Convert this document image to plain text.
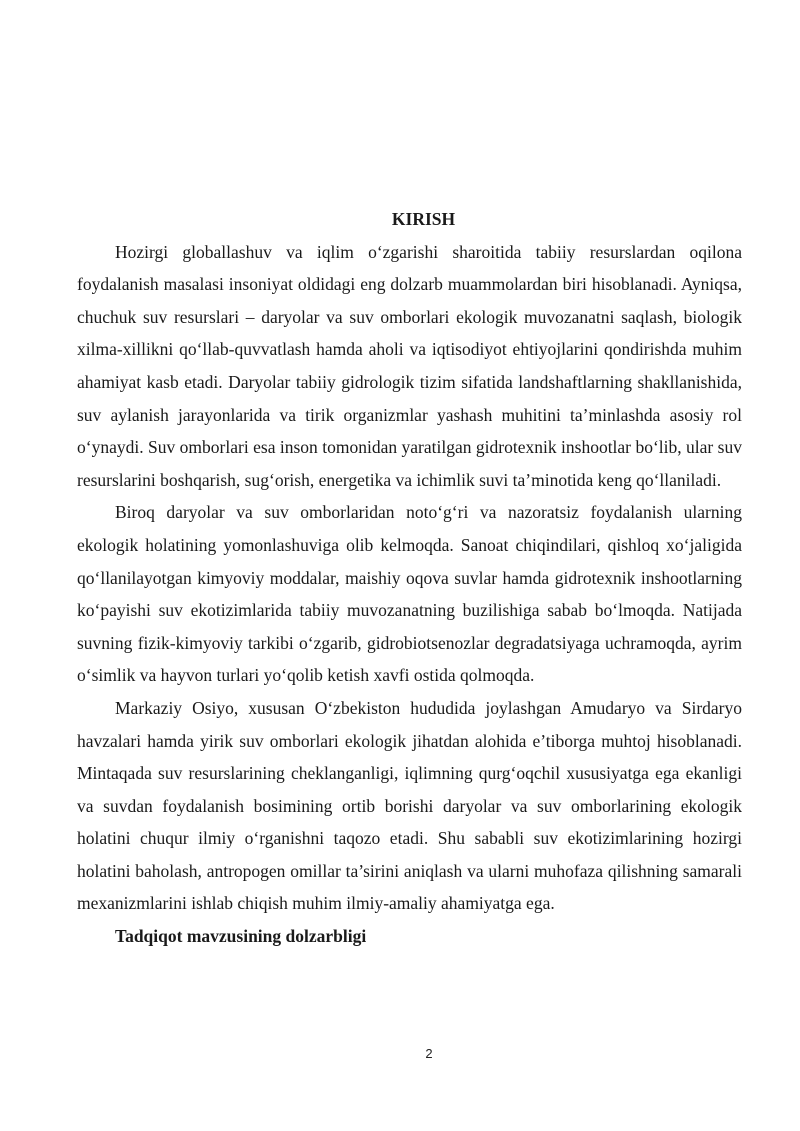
KIRISH

Hozirgi globallashuv va iqlim o‘zgarishi sharoitida tabiiy resurslardan oqilona foydalanish masalasi insoniyat oldidagi eng dolzarb muammolardan biri hisoblanadi. Ayniqsa, chuchuk suv resurslari – daryolar va suv omborlari ekologik muvozanatni saqlash, biologik xilma-xillikni qo‘llab-quvvatlash hamda aholi va iqtisodiyot ehtiyojlarini qondirishda muhim ahamiyat kasb etadi. Daryolar tabiiy gidrologik tizim sifatida landshaftlarning shakllanishida, suv aylanish jarayonlarida va tirik organizmlar yashash muhitini ta’minlashda asosiy rol o‘ynaydi. Suv omborlari esa inson tomonidan yaratilgan gidrotexnik inshootlar bo‘lib, ular suv resurslarini boshqarish, sug‘orish, energetika va ichimlik suvi ta’minotida keng qo‘llaniladi.

Biroq daryolar va suv omborlaridan noto‘g‘ri va nazoratsiz foydalanish ularning ekologik holatining yomonlashuviga olib kelmoqda. Sanoat chiqindilari, qishloq xo‘jaligida qo‘llanilayotgan kimyoviy moddalar, maishiy oqova suvlar hamda gidrotexnik inshootlarning ko‘payishi suv ekotizimlarida tabiiy muvozanatning buzilishiga sabab bo‘lmoqda. Natijada suvning fizik-kimyoviy tarkibi o‘zgarib, gidrobiotsenozlar degradatsiyaga uchramoqda, ayrim o‘simlik va hayvon turlari yo‘qolib ketish xavfi ostida qolmoqda.

Markaziy Osiyo, xususan O‘zbekiston hududida joylashgan Amudaryo va Sirdaryo havzalari hamda yirik suv omborlari ekologik jihatdan alohida e’tiborga muhtoj hisoblanadi. Mintaqada suv resurslarining cheklanganligi, iqlimning qurg‘oqchil xususiyatga ega ekanligi va suvdan foydalanish bosimining ortib borishi daryolar va suv omborlarining ekologik holatini chuqur ilmiy o‘rganishni taqozo etadi. Shu sababli suv ekotizimlarining hozirgi holatini baholash, antropogen omillar ta’sirini aniqlash va ularni muhofaza qilishning samarali mexanizmlarini ishlab chiqish muhim ilmiy-amaliy ahamiyatga ega.

Tadqiqot mavzusining dolzarbligi

2
